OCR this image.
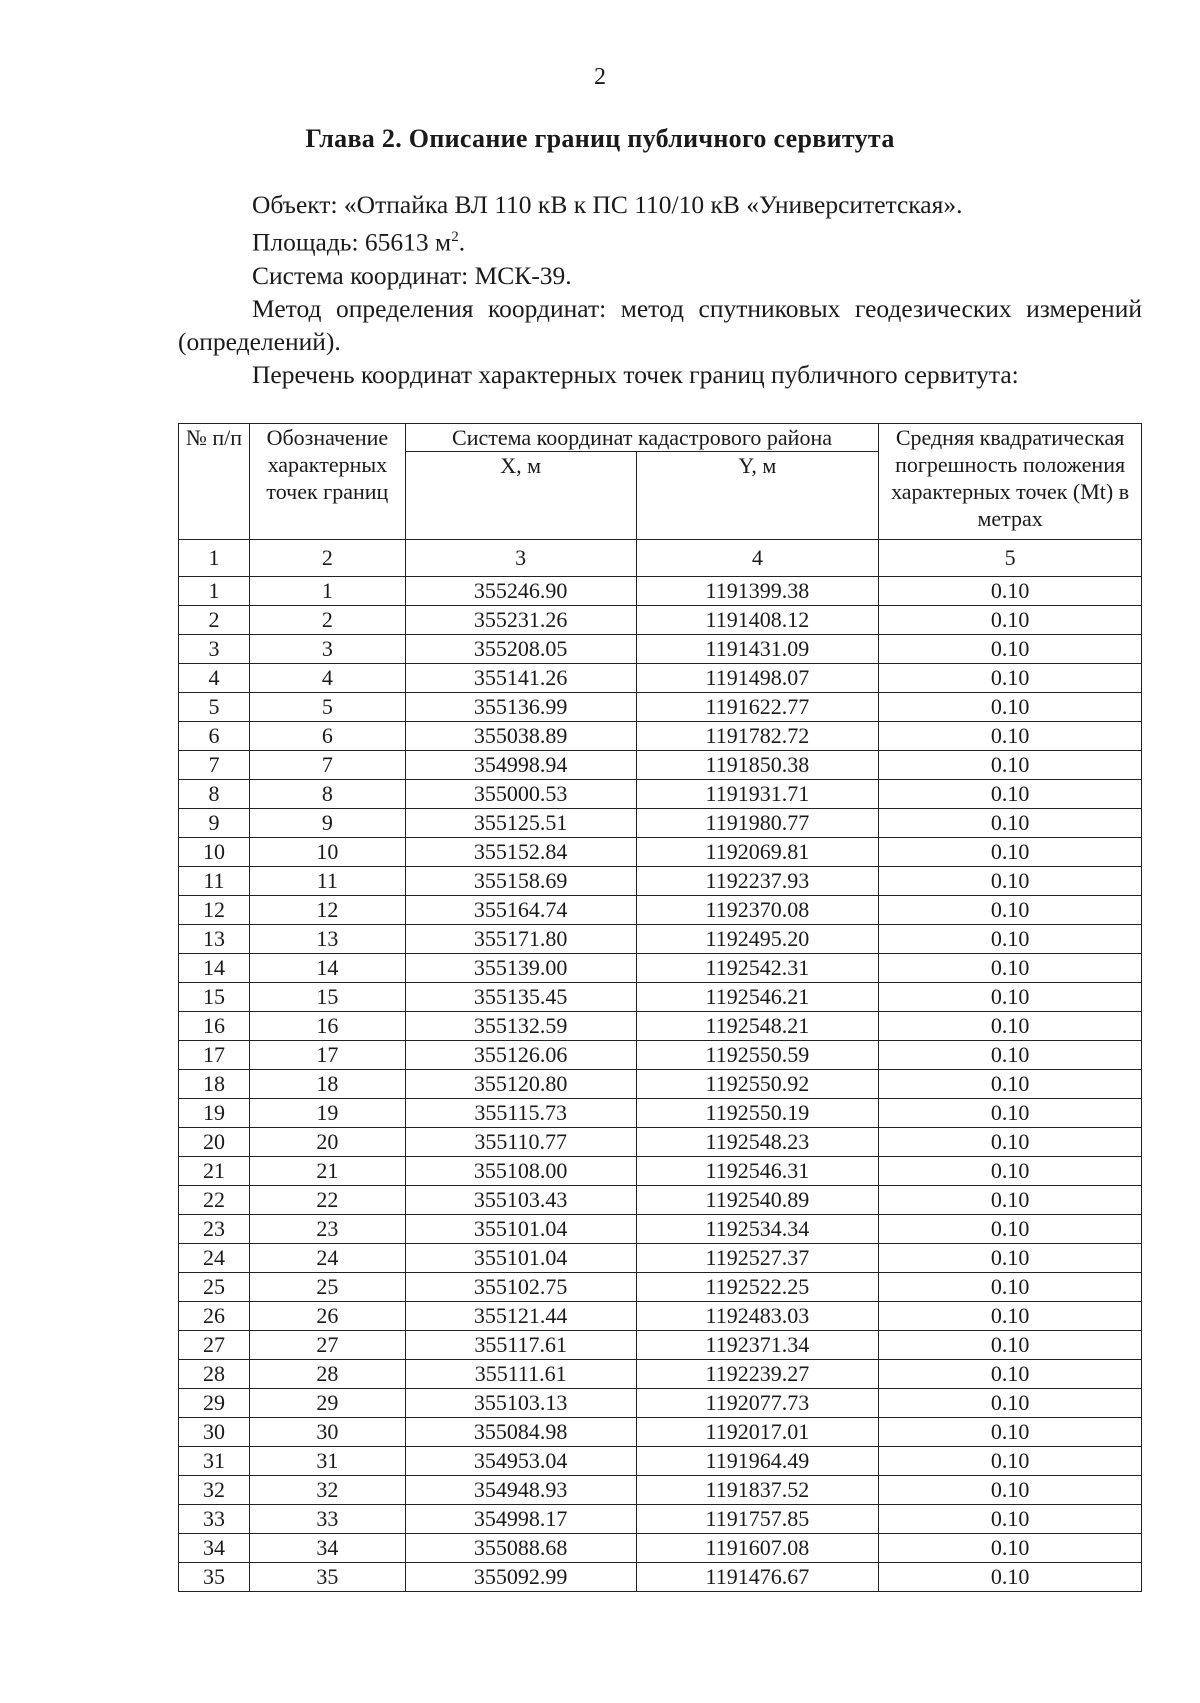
2
Глава 2. Описание границ публичного сервитута

Объект: «Отпайка ВЛ 110 кВ к ПС 110/10 кВ «Университетская».

Площадь: 65613 $м^2$.

Система координат: МСК-39.

Метод определения координат: метод спутниковых геодезических измерений (определений).

Перечень координат характерных точек границ публичного сервитута:

№ п/п	Обозначение характерных точек границ	Система координат кадастрового района		Средняя квадратическая погрешность положения характерных точек (Mt) в метрах
		X, м	Y, м	
1	2	3	4	5
1	1	355246.90	1191399.38	0.10
2	2	355231.26	1191408.12	0.10
3	3	355208.05	1191431.09	0.10
4	4	355141.26	1191498.07	0.10
5	5	355136.99	1191622.77	0.10
6	6	355038.89	1191782.72	0.10
7	7	354998.94	1191850.38	0.10
8	8	355000.53	1191931.71	0.10
9	9	355125.51	1191980.77	0.10
10	10	355152.84	1192069.81	0.10
11	11	355158.69	1192237.93	0.10
12	12	355164.74	1192370.08	0.10
13	13	355171.80	1192495.20	0.10
14	14	355139.00	1192542.31	0.10
15	15	355135.45	1192546.21	0.10
16	16	355132.59	1192548.21	0.10
17	17	355126.06	1192550.59	0.10
18	18	355120.80	1192550.92	0.10
19	19	355115.73	1192550.19	0.10
20	20	355110.77	1192548.23	0.10
21	21	355108.00	1192546.31	0.10
22	22	355103.43	1192540.89	0.10
23	23	355101.04	1192534.34	0.10
24	24	355101.04	1192527.37	0.10
25	25	355102.75	1192522.25	0.10
26	26	355121.44	1192483.03	0.10
27	27	355117.61	1192371.34	0.10
28	28	355111.61	1192239.27	0.10
29	29	355103.13	1192077.73	0.10
30	30	355084.98	1192017.01	0.10
31	31	354953.04	1191964.49	0.10
32	32	354948.93	1191837.52	0.10
33	33	354998.17	1191757.85	0.10
34	34	355088.68	1191607.08	0.10
35	35	355092.99	1191476.67	0.10
